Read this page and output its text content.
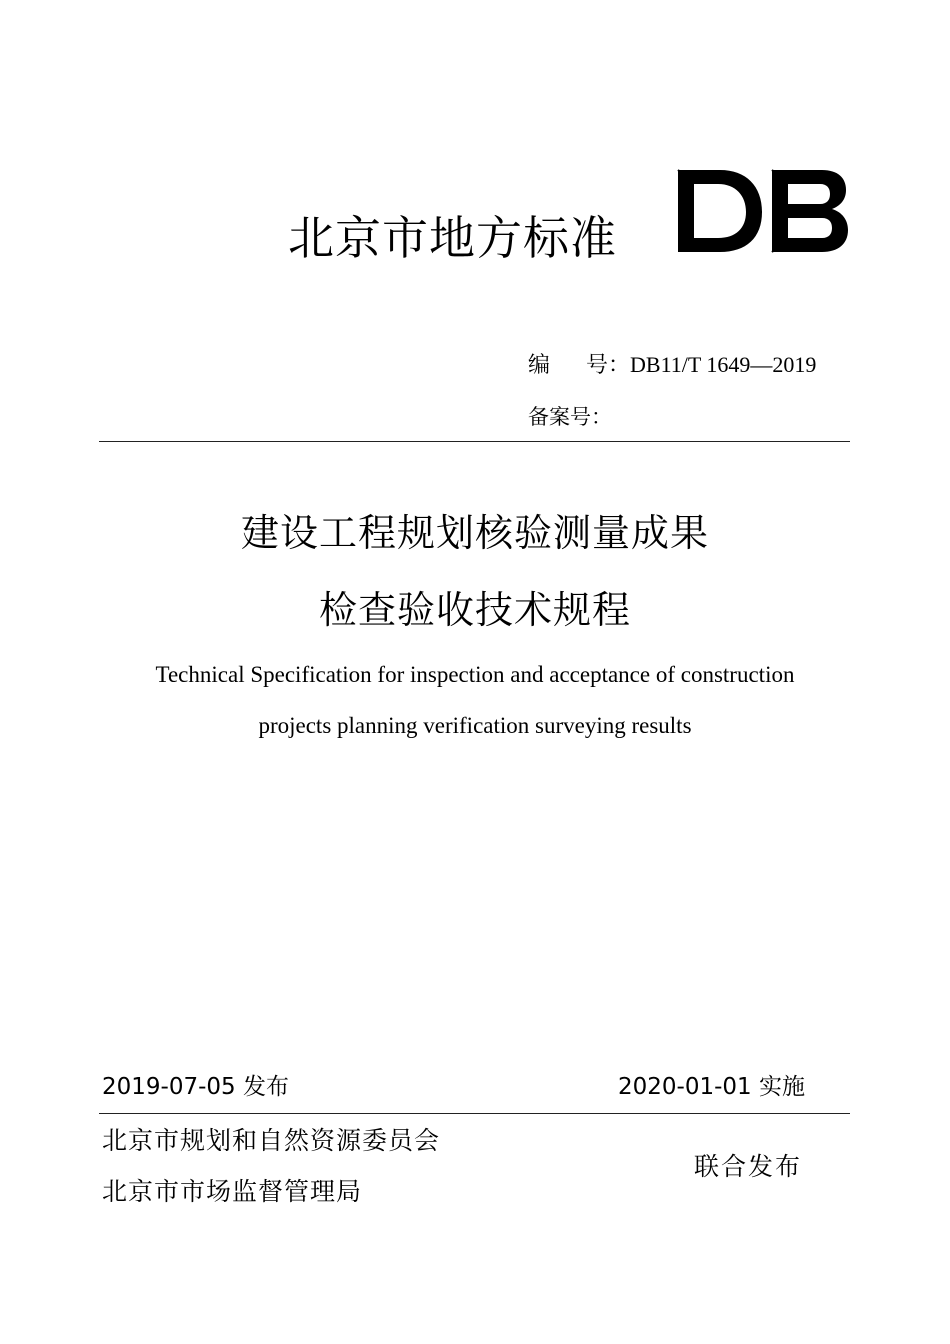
北京市地方标准
编 号：DB11/T 1649—2019
备案号：
建设工程规划核验测量成果
检查验收技术规程
Technical Specification for inspection and acceptance of construction
projects planning verification surveying results
2019-07-05 发布	2020-01-01 实施
北京市规划和自然资源委员会
北京市市场监督管理局
联合发布
